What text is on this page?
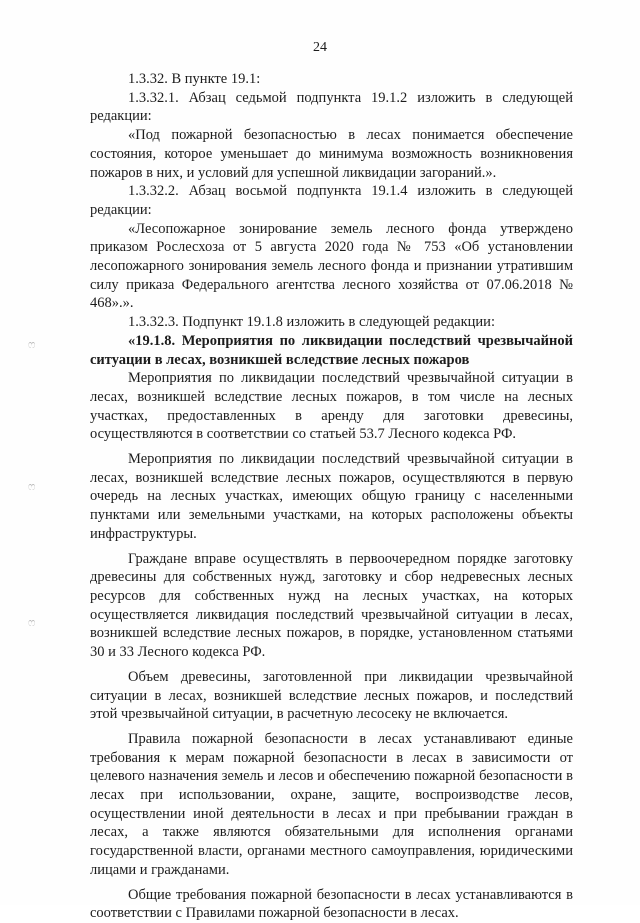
24
ෆ
ෆ
ෆ

1.3.32. В пункте 19.1:

1.3.32.1. Абзац седьмой подпункта 19.1.2 изложить в следующей редакции:

«Под пожарной безопасностью в лесах понимается обеспечение состояния, которое уменьшает до минимума возможность возникновения пожаров в них, и условий для успешной ликвидации загораний.».

1.3.32.2. Абзац восьмой подпункта 19.1.4 изложить в следующей редакции:

«Лесопожарное зонирование земель лесного фонда утверждено приказом Рослесхоза от 5 августа 2020 года № 753 «Об установлении лесопожарного зонирования земель лесного фонда и признании утратившим силу приказа Федерального агентства лесного хозяйства от 07.06.2018 № 468».».

1.3.32.3. Подпункт 19.1.8 изложить в следующей редакции:

«19.1.8. Мероприятия по ликвидации последствий чрезвычайной ситуации в лесах, возникшей вследствие лесных пожаров

Мероприятия по ликвидации последствий чрезвычайной ситуации в лесах, возникшей вследствие лесных пожаров, в том числе на лесных участках, предоставленных в аренду для заготовки древесины, осуществляются в соответствии со статьей 53.7 Лесного кодекса РФ.

Мероприятия по ликвидации последствий чрезвычайной ситуации в лесах, возникшей вследствие лесных пожаров, осуществляются в первую очередь на лесных участках, имеющих общую границу с населенными пунктами или земельными участками, на которых расположены объекты инфраструктуры.

Граждане вправе осуществлять в первоочередном порядке заготовку древесины для собственных нужд, заготовку и сбор недревесных лесных ресурсов для собственных нужд на лесных участках, на которых осуществляется ликвидация последствий чрезвычайной ситуации в лесах, возникшей вследствие лесных пожаров, в порядке, установленном статьями 30 и 33 Лесного кодекса РФ.

Объем древесины, заготовленной при ликвидации чрезвычайной ситуации в лесах, возникшей вследствие лесных пожаров, и последствий этой чрезвычайной ситуации, в расчетную лесосеку не включается.

Правила пожарной безопасности в лесах устанавливают единые требования к мерам пожарной безопасности в лесах в зависимости от целевого назначения земель и лесов и обеспечению пожарной безопасности в лесах при использовании, охране, защите, воспроизводстве лесов, осуществлении иной деятельности в лесах и при пребывании граждан в лесах, а также являются обязательными для исполнения органами государственной власти, органами местного самоуправления, юридическими лицами и гражданами.

Общие требования пожарной безопасности в лесах устанавливаются в соответствии с Правилами пожарной безопасности в лесах.
